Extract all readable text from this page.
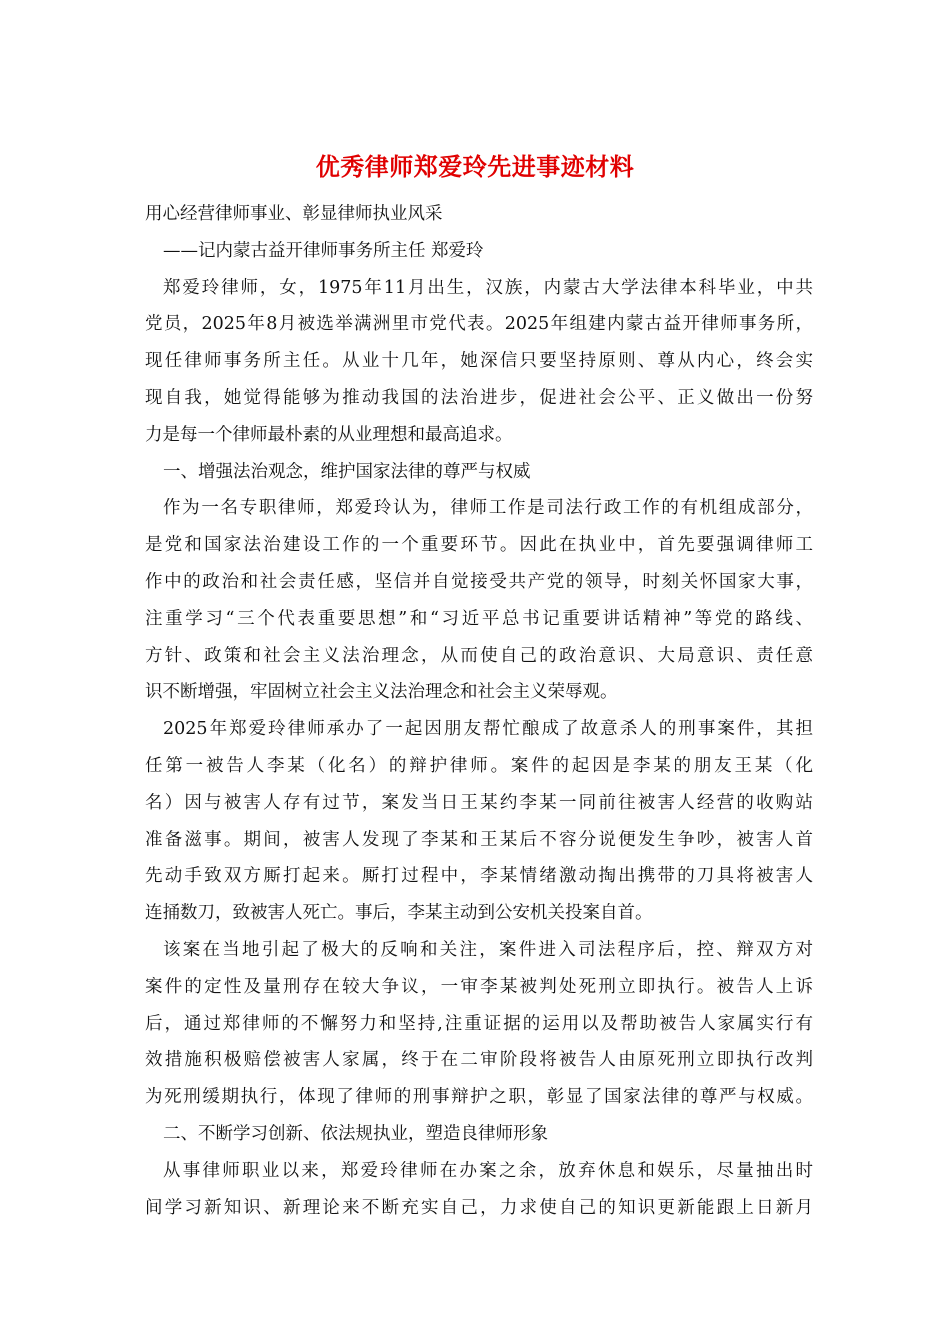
优秀律师郑爱玲先进事迹材料
用心经营律师事业、彰显律师执业风采
——记内蒙古益开律师事务所主任 郑爱玲
郑爱玲律师，女，1975年11月出生，汉族，内蒙古大学法律本科毕业，中共
党员，2025年8月被选举满洲里市党代表。2025年组建内蒙古益开律师事务所，
现任律师事务所主任。从业十几年，她深信只要坚持原则、尊从内心，终会实
现自我，她觉得能够为推动我国的法治进步，促进社会公平、正义做出一份努
力是每一个律师最朴素的从业理想和最高追求。
一、增强法治观念，维护国家法律的尊严与权威
作为一名专职律师，郑爱玲认为，律师工作是司法行政工作的有机组成部分，
是党和国家法治建设工作的一个重要环节。因此在执业中，首先要强调律师工
作中的政治和社会责任感，坚信并自觉接受共产党的领导，时刻关怀国家大事，
注重学习“三个代表重要思想”和“习近平总书记重要讲话精神”等党的路线、
方针、政策和社会主义法治理念，从而使自己的政治意识、大局意识、责任意
识不断增强，牢固树立社会主义法治理念和社会主义荣辱观。
2025年郑爱玲律师承办了一起因朋友帮忙酿成了故意杀人的刑事案件，其担
任第一被告人李某（化名）的辩护律师。案件的起因是李某的朋友王某（化
名）因与被害人存有过节，案发当日王某约李某一同前往被害人经营的收购站
准备滋事。期间，被害人发现了李某和王某后不容分说便发生争吵，被害人首
先动手致双方厮打起来。厮打过程中，李某情绪激动掏出携带的刀具将被害人
连捅数刀，致被害人死亡。事后，李某主动到公安机关投案自首。
该案在当地引起了极大的反响和关注，案件进入司法程序后，控、辩双方对
案件的定性及量刑存在较大争议，一审李某被判处死刑立即执行。被告人上诉
后，通过郑律师的不懈努力和坚持,注重证据的运用以及帮助被告人家属实行有
效措施积极赔偿被害人家属，终于在二审阶段将被告人由原死刑立即执行改判
为死刑缓期执行，体现了律师的刑事辩护之职，彰显了国家法律的尊严与权威。
二、不断学习创新、依法规执业，塑造良律师形象
从事律师职业以来，郑爱玲律师在办案之余，放弃休息和娱乐，尽量抽出时
间学习新知识、新理论来不断充实自己，力求使自己的知识更新能跟上日新月
